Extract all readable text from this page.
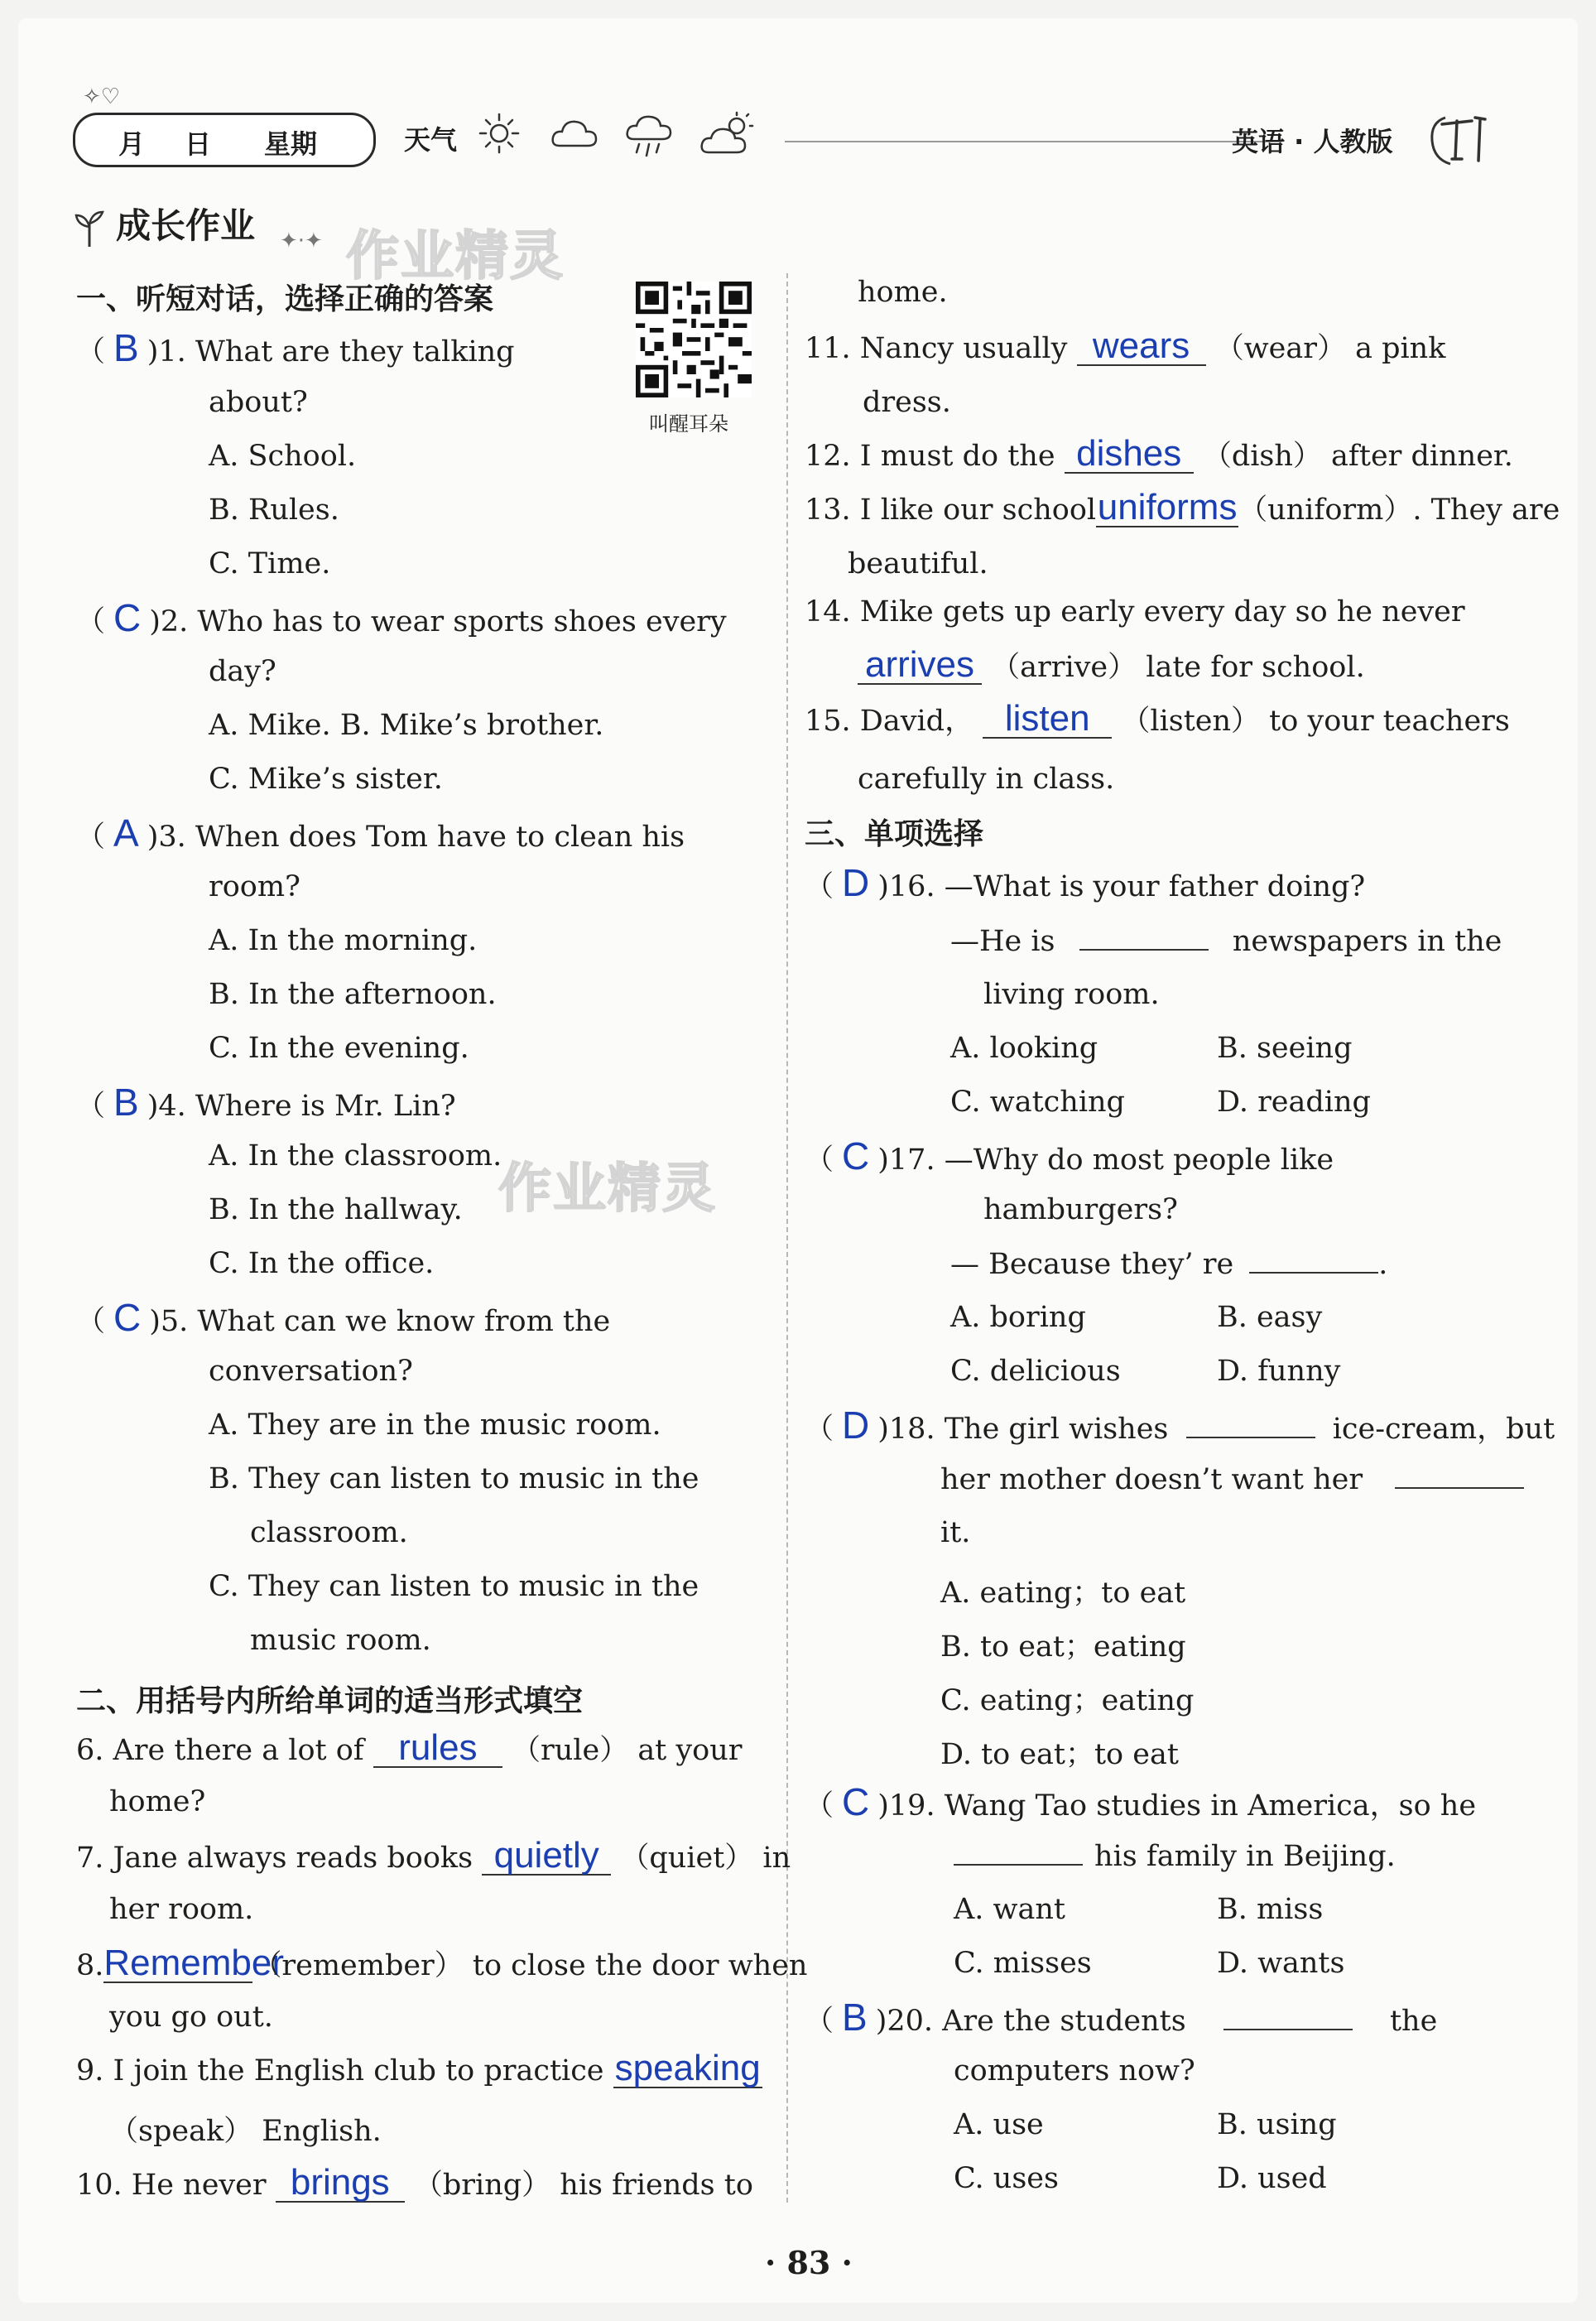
✧♡
月 日 星期	天气	英语 · 人教版
成长作业 ✦·✦ 作业精灵
作业精灵
叫醒耳朵
一、听短对话，选择正确的答案
（ B )1. What are they talking
about?
A. School.
B. Rules.
C. Time.
（ C )2. Who has to wear sports shoes every
day?
A. Mike. B. Mike’s brother.
C. Mike’s sister.
（ A )3. When does Tom have to clean his
room?
A. In the morning.
B. In the afternoon.
C. In the evening.
（ B )4. Where is Mr. Lin?
A. In the classroom.
B. In the hallway.
C. In the office.
（ C )5. What can we know from the
conversation?
A. They are in the music room.
B. They can listen to music in the
classroom.
C. They can listen to music in the
music room.
二、用括号内所给单词的适当形式填空
6. Are there a lot of rules （rule） at your
home?
7. Jane always reads books quietly （quiet） in
her room.
8.Remember（remember） to close the door when
you go out.
9. I join the English club to practice speaking
（speak） English.
10. He never brings （bring） his friends to
home.
11. Nancy usually wears （wear） a pink
dress.
12. I must do the dishes （dish） after dinner.
13. I like our schooluniforms（uniform）. They are
beautiful.
14. Mike gets up early every day so he never
arrives （arrive） late for school.
15. David， listen （listen） to your teachers
carefully in class.
三、单项选择
（ D )16. —What is your father doing?
—He is	newspapers in the
living room.
A. looking	B. seeing
C. watching	D. reading
（ C )17. —Why do most people like
hamburgers?
— Because they’ re	.
A. boring	B. easy
C. delicious	D. funny
（ D )18. The girl wishes	ice-cream，but
her mother doesn’t want her
it.
A. eating；to eat
B. to eat；eating
C. eating；eating
D. to eat；to eat
（ C )19. Wang Tao studies in America，so he
his family in Beijing.
A. want	B. miss
C. misses	D. wants
（ B )20. Are the students	the
computers now?
A. use	B. using
C. uses	D. used
· 83 ·
